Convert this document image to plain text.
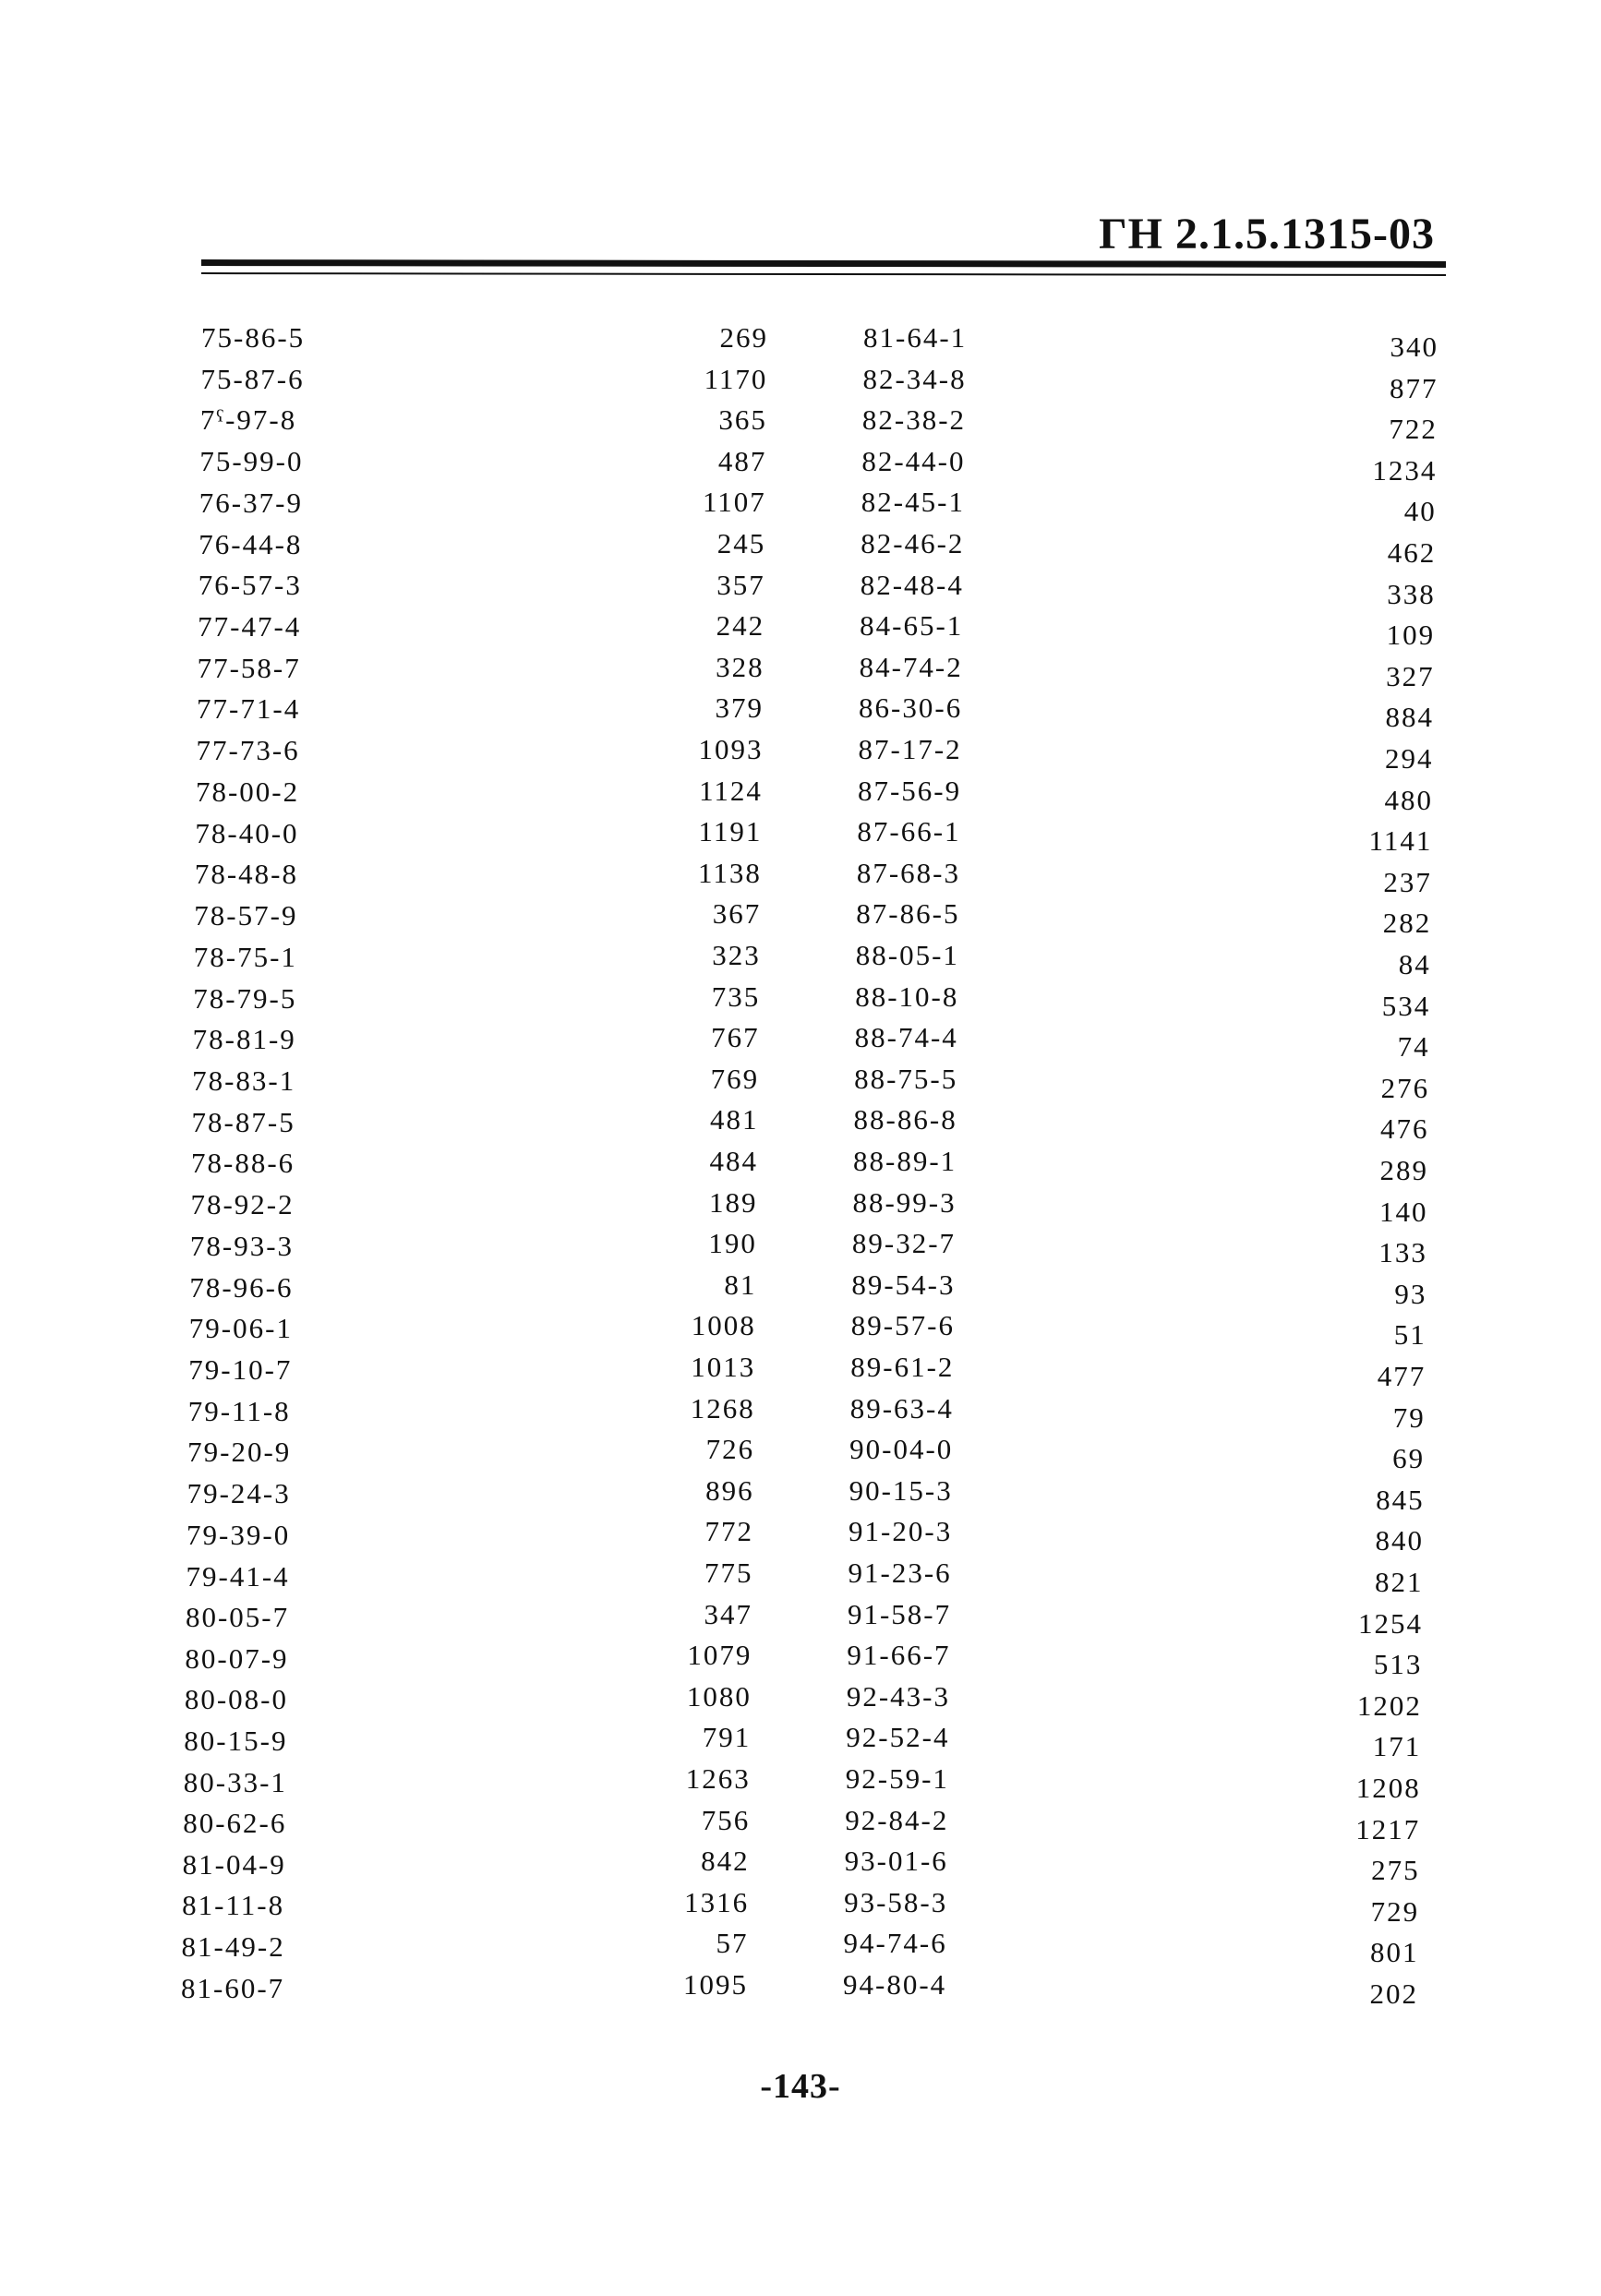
ГН 2.1.5.1315-03
75-86-5	269	81-64-1	340
75-87-6	1170	82-34-8	877
7ˤ-97-8	365	82-38-2	722
75-99-0	487	82-44-0	1234
76-37-9	1107	82-45-1	40
76-44-8	245	82-46-2	462
76-57-3	357	82-48-4	338
77-47-4	242	84-65-1	109
77-58-7	328	84-74-2	327
77-71-4	379	86-30-6	884
77-73-6	1093	87-17-2	294
78-00-2	1124	87-56-9	480
78-40-0	1191	87-66-1	1141
78-48-8	1138	87-68-3	237
78-57-9	367	87-86-5	282
78-75-1	323	88-05-1	84
78-79-5	735	88-10-8	534
78-81-9	767	88-74-4	74
78-83-1	769	88-75-5	276
78-87-5	481	88-86-8	476
78-88-6	484	88-89-1	289
78-92-2	189	88-99-3	140
78-93-3	190	89-32-7	133
78-96-6	81	89-54-3	93
79-06-1	1008	89-57-6	51
79-10-7	1013	89-61-2	477
79-11-8	1268	89-63-4	79
79-20-9	726	90-04-0	69
79-24-3	896	90-15-3	845
79-39-0	772	91-20-3	840
79-41-4	775	91-23-6	821
80-05-7	347	91-58-7	1254
80-07-9	1079	91-66-7	513
80-08-0	1080	92-43-3	1202
80-15-9	791	92-52-4	171
80-33-1	1263	92-59-1	1208
80-62-6	756	92-84-2	1217
81-04-9	842	93-01-6	275
81-11-8	1316	93-58-3	729
81-49-2	57	94-74-6	801
81-60-7	1095	94-80-4	202
-143-
